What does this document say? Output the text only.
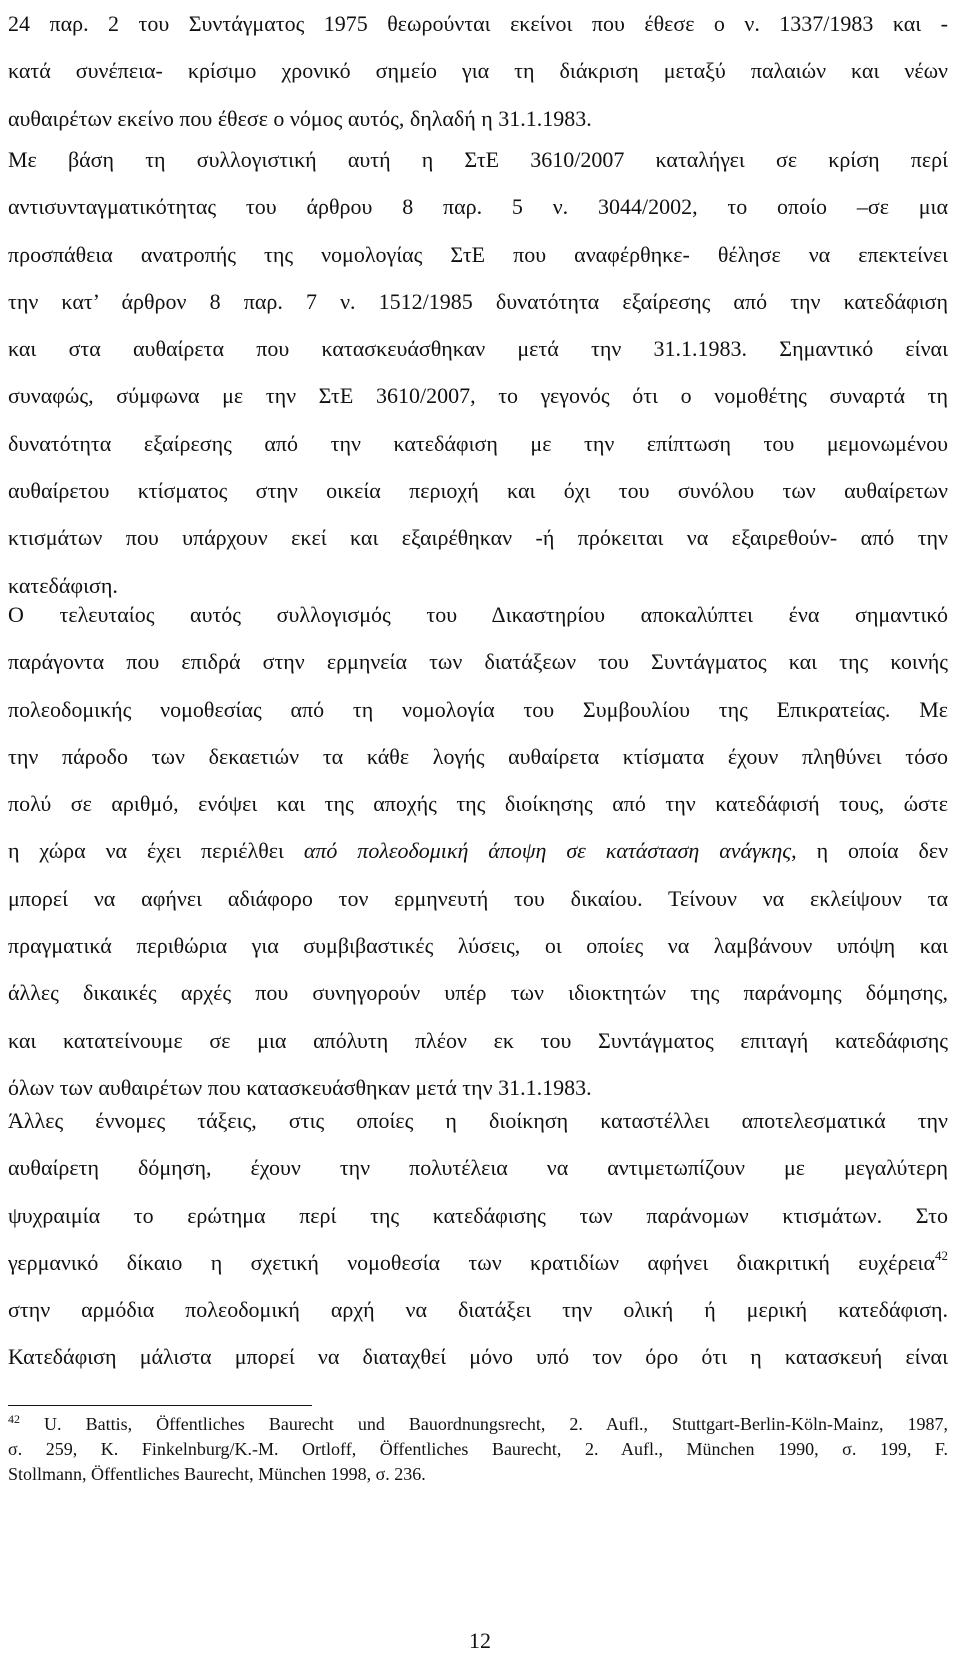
24 παρ. 2 του Συντάγματος 1975 θεωρούνται εκείνοι που έθεσε ο ν. 1337/1983 και -
κατά συνέπεια- κρίσιμο χρονικό σημείο για τη διάκριση μεταξύ παλαιών και νέων
αυθαιρέτων εκείνο που έθεσε ο νόμος αυτός, δηλαδή η 31.1.1983.
Με βάση τη συλλογιστική αυτή η ΣτΕ 3610/2007 καταλήγει σε κρίση περί
αντισυνταγματικότητας του άρθρου 8 παρ. 5 ν. 3044/2002, το οποίο –σε μια
προσπάθεια ανατροπής της νομολογίας ΣτΕ που αναφέρθηκε- θέλησε να επεκτείνει
την κατ’ άρθρον 8 παρ. 7 ν. 1512/1985 δυνατότητα εξαίρεσης από την κατεδάφιση
και στα αυθαίρετα που κατασκευάσθηκαν μετά την 31.1.1983. Σημαντικό είναι
συναφώς, σύμφωνα με την ΣτΕ 3610/2007, το γεγονός ότι ο νομοθέτης συναρτά τη
δυνατότητα εξαίρεσης από την κατεδάφιση με την επίπτωση του μεμονωμένου
αυθαίρετου κτίσματος στην οικεία περιοχή και όχι του συνόλου των αυθαίρετων
κτισμάτων που υπάρχουν εκεί και εξαιρέθηκαν -ή πρόκειται να εξαιρεθούν- από την
κατεδάφιση.
Ο τελευταίος αυτός συλλογισμός του Δικαστηρίου αποκαλύπτει ένα σημαντικό
παράγοντα που επιδρά στην ερμηνεία των διατάξεων του Συντάγματος και της κοινής
πολεοδομικής νομοθεσίας από τη νομολογία του Συμβουλίου της Επικρατείας. Με
την πάροδο των δεκαετιών τα κάθε λογής αυθαίρετα κτίσματα έχουν πληθύνει τόσο
πολύ σε αριθμό, ενόψει και της αποχής της διοίκησης από την κατεδάφισή τους, ώστε
η χώρα να έχει περιέλθει από πολεοδομική άποψη σε κατάσταση ανάγκης, η οποία δεν
μπορεί να αφήνει αδιάφορο τον ερμηνευτή του δικαίου. Τείνουν να εκλείψουν τα
πραγματικά περιθώρια για συμβιβαστικές λύσεις, οι οποίες να λαμβάνουν υπόψη και
άλλες δικαικές αρχές που συνηγορούν υπέρ των ιδιοκτητών της παράνομης δόμησης,
και κατατείνουμε σε μια απόλυτη πλέον εκ του Συντάγματος επιταγή κατεδάφισης
όλων των αυθαιρέτων που κατασκευάσθηκαν μετά την 31.1.1983.
Άλλες έννομες τάξεις, στις οποίες η διοίκηση καταστέλλει αποτελεσματικά την
αυθαίρετη δόμηση, έχουν την πολυτέλεια να αντιμετωπίζουν με μεγαλύτερη
ψυχραιμία το ερώτημα περί της κατεδάφισης των παράνομων κτισμάτων. Στο
γερμανικό δίκαιο η σχετική νομοθεσία των κρατιδίων αφήνει διακριτική ευχέρεια$^{42}$
στην αρμόδια πολεοδομική αρχή να διατάξει την ολική ή μερική κατεδάφιση.
Κατεδάφιση μάλιστα μπορεί να διαταχθεί μόνο υπό τον όρο ότι η κατασκευή είναι
$^{42}$ U. Battis, Öffentliches Baurecht und Bauordnungsrecht, 2. Aufl., Stuttgart-Berlin-Köln-Mainz, 1987,
σ. 259, K. Finkelnburg/K.-M. Ortloff, Öffentliches Baurecht, 2. Aufl., München 1990, σ. 199, F.
Stollmann, Öffentliches Baurecht, München 1998, σ. 236.
12
